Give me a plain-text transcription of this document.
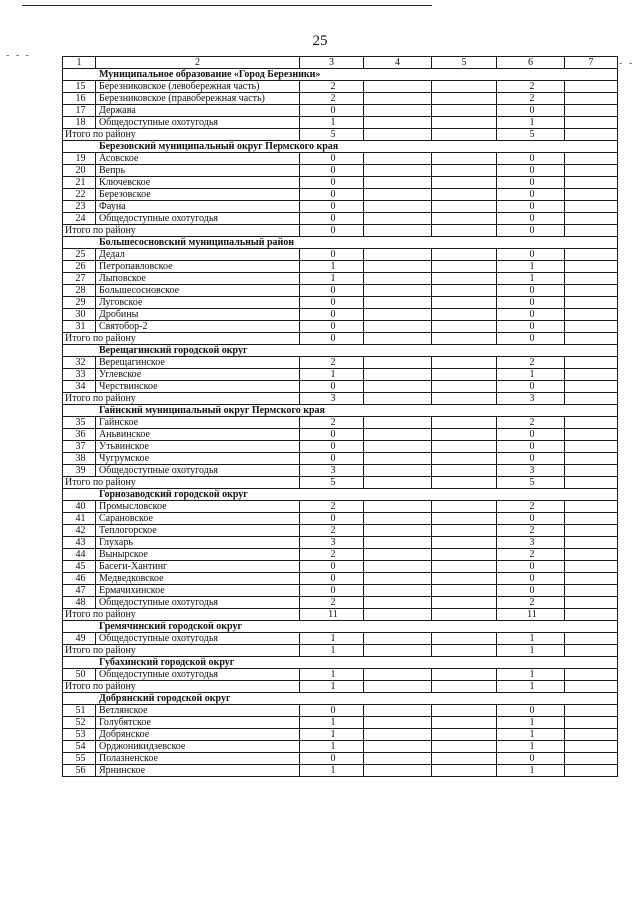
25
- - -
- -
1	2	3	4	5	6	7
Муниципальное образование «Город Березники»						
15	Березниковское (левобережная часть)	2			2	
16	Березниковское (правобережная часть)	2			2	
17	Держава	0			0	
18	Общедоступные охотугодья	1			1	
Итого по району		5			5	
Березовский муниципальный округ Пермского края						
19	Асовское	0			0	
20	Вепрь	0			0	
21	Ключевское	0			0	
22	Березовское	0			0	
23	Фауна	0			0	
24	Общедоступные охотугодья	0			0	
Итого по району		0			0	
Большесосновский муниципальный район						
25	Дедал	0			0	
26	Петропавловское	1			1	
27	Лыповское	1			1	
28	Большесосновское	0			0	
29	Луговское	0			0	
30	Дробины	0			0	
31	Святобор-2	0			0	
Итого по району		0			0	
Верещагинский городской округ						
32	Верещагинское	2			2	
33	Углевское	1			1	
34	Черствинское	0			0	
Итого по району		3			3	
Гайнский муниципальный округ Пермского края						
35	Гайнское	2			2	
36	Аньвинское	0			0	
37	Утьвинское	0			0	
38	Чугрумское	0			0	
39	Общедоступные охотугодья	3			3	
Итого по району		5			5	
Горнозаводский городской округ						
40	Промысловское	2			2	
41	Сарановское	0			0	
42	Теплогорское	2			2	
43	Глухарь	3			3	
44	Вынырское	2			2	
45	Басеги-Хантинг	0			0	
46	Медведковское	0			0	
47	Ермачихинское	0			0	
48	Общедоступные охотугодья	2			2	
Итого по району		11			11	
Гремячинский городской округ						
49	Общедоступные охотугодья	1			1	
Итого по району		1			1	
Губахинский городской округ						
50	Общедоступные охотугодья	1			1	
Итого по району		1			1	
Добрянский городской округ						
51	Ветлянское	0			0	
52	Голубятское	1			1	
53	Добрянское	1			1	
54	Орджоникидзевское	1			1	
55	Полазненское	0			0	
56	Ярнинское	1			1	
